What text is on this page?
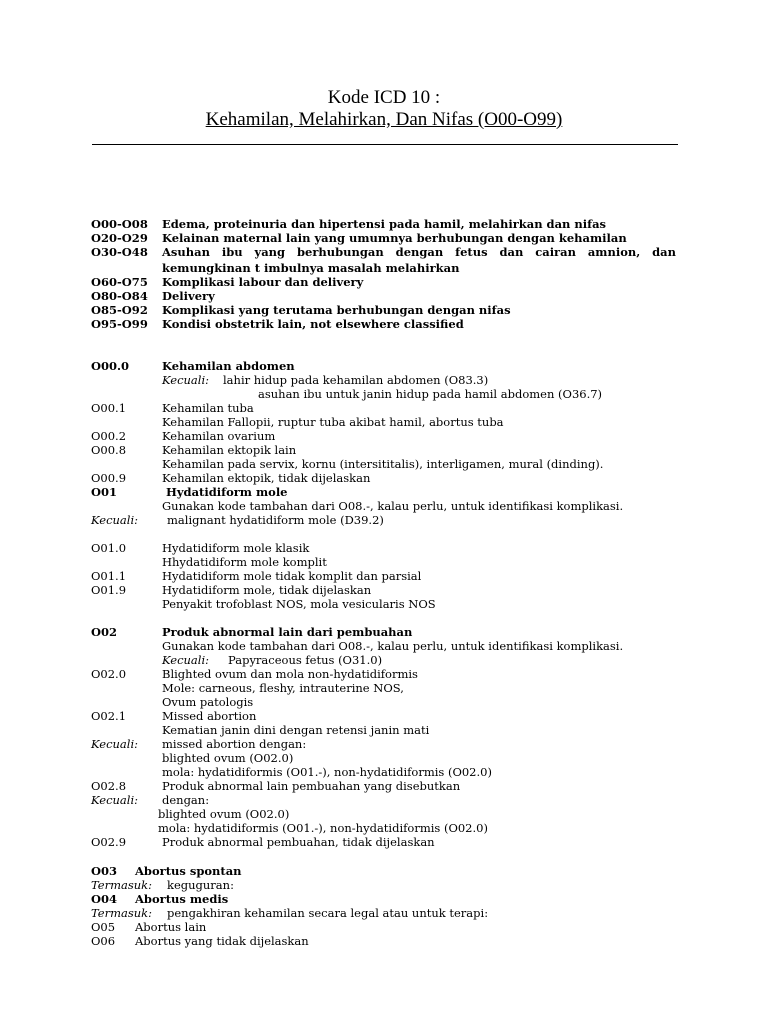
Kode ICD 10 :
Kehamilan, Melahirkan, Dan Nifas (O00-O99)
O00-O08 Edema, proteinuria dan hipertensi pada hamil, melahirkan dan nifas
O20-O29 Kelainan maternal lain yang umumnya berhubungan dengan kehamilan
O30-O48 Asuhan ibu yang berhubungan dengan fetus dan cairan amnion, dan
kemungkinan t imbulnya masalah melahirkan
O60-O75 Komplikasi labour dan delivery
O80-O84 Delivery
O85-O92 Komplikasi yang terutama berhubungan dengan nifas
O95-O99 Kondisi obstetrik lain, not elsewhere classified
O00.0	Kehamilan abdomen
Kecuali: lahir hidup pada kehamilan abdomen (O83.3)
asuhan ibu untuk janin hidup pada hamil abdomen (O36.7)
O00.1	Kehamilan tuba
Kehamilan Fallopii, ruptur tuba akibat hamil, abortus tuba
O00.2	Kehamilan ovarium
O00.8	Kehamilan ektopik lain
Kehamilan pada servix, kornu (intersititalis), interligamen, mural (dinding).
O00.9	Kehamilan ektopik, tidak dijelaskan
O01	Hydatidiform mole
Gunakan kode tambahan dari O08.-, kalau perlu, untuk identifikasi komplikasi.
Kecuali:	malignant hydatidiform mole (D39.2)
O01.0	Hydatidiform mole klasik
Hhydatidiform mole komplit
O01.1	Hydatidiform mole tidak komplit dan parsial
O01.9	Hydatidiform mole, tidak dijelaskan
Penyakit trofoblast NOS, mola vesicularis NOS
O02	Produk abnormal lain dari pembuahan
Gunakan kode tambahan dari O08.-, kalau perlu, untuk identifikasi komplikasi.
Kecuali: Papyraceous fetus (O31.0)
O02.0	Blighted ovum dan mola non-hydatidiformis
Mole: carneous, fleshy, intrauterine NOS,
Ovum patologis
O02.1	Missed abortion
Kematian janin dini dengan retensi janin mati
Kecuali: missed abortion dengan:
blighted ovum (O02.0)
mola: hydatidiformis (O01.-), non-hydatidiformis (O02.0)
O02.8	Produk abnormal lain pembuahan yang disebutkan
Kecuali: dengan:
blighted ovum (O02.0)
mola: hydatidiformis (O01.-), non-hydatidiformis (O02.0)
O02.9	Produk abnormal pembuahan, tidak dijelaskan
O03 Abortus spontan
Termasuk: keguguran:
O04 Abortus medis
Termasuk: pengakhiran kehamilan secara legal atau untuk terapi:
O05 Abortus lain
O06 Abortus yang tidak dijelaskan
